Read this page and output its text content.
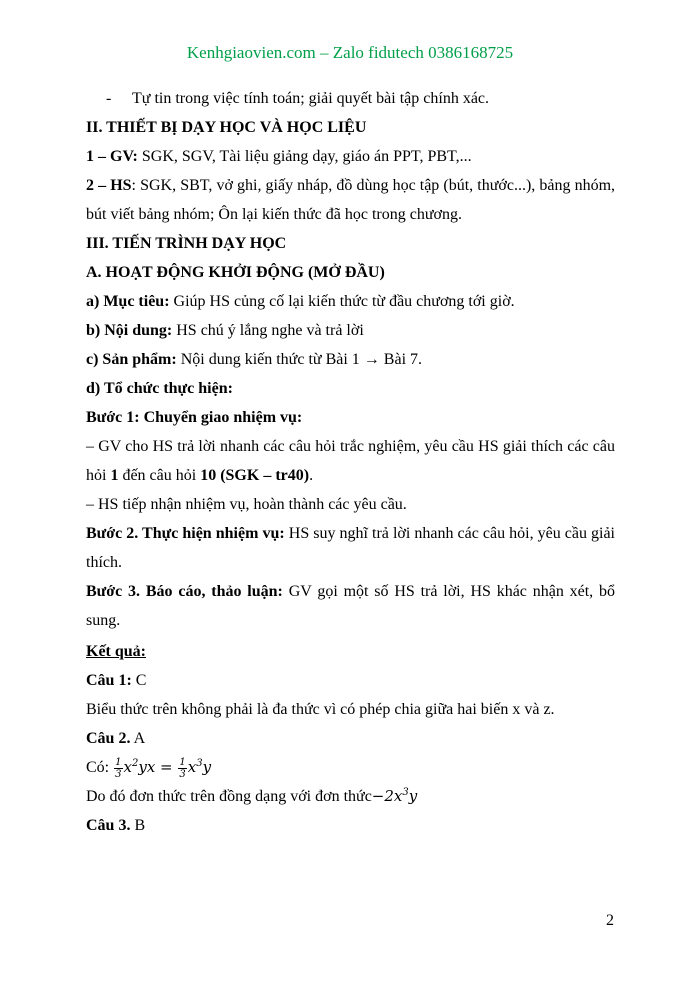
Kenhgiaovien.com – Zalo fidutech 0386168725

- Tự tin trong việc tính toán; giải quyết bài tập chính xác.

II. THIẾT BỊ DẠY HỌC VÀ HỌC LIỆU

1 – GV: SGK, SGV, Tài liệu giảng dạy, giáo án PPT, PBT,...

2 – HS: SGK, SBT, vở ghi, giấy nháp, đồ dùng học tập (bút, thước...), bảng nhóm, bút viết bảng nhóm; Ôn lại kiến thức đã học trong chương.

III. TIẾN TRÌNH DẠY HỌC

A. HOẠT ĐỘNG KHỞI ĐỘNG (MỞ ĐẦU)

a) Mục tiêu: Giúp HS củng cố lại kiến thức từ đầu chương tới giờ.

b) Nội dung: HS chú ý lắng nghe và trả lời

c) Sản phẩm: Nội dung kiến thức từ Bài 1 → Bài 7.

d) Tổ chức thực hiện:

Bước 1: Chuyển giao nhiệm vụ:

– GV cho HS trả lời nhanh các câu hỏi trắc nghiệm, yêu cầu HS giải thích các câu hỏi 1 đến câu hỏi 10 (SGK – tr40).

– HS tiếp nhận nhiệm vụ, hoàn thành các yêu cầu.

Bước 2. Thực hiện nhiệm vụ: HS suy nghĩ trả lời nhanh các câu hỏi, yêu cầu giải thích.

Bước 3. Báo cáo, thảo luận: GV gọi một số HS trả lời, HS khác nhận xét, bổ sung.

Kết quả:

Câu 1: C

Biểu thức trên không phải là đa thức vì có phép chia giữa hai biến x và z.

Câu 2. A

Có: $\frac{1}{3} x^2yx = \frac{1}{3} x^3y$

Do đó đơn thức trên đồng dạng với đơn $thức-2x^3y$

Câu 3. B

2
